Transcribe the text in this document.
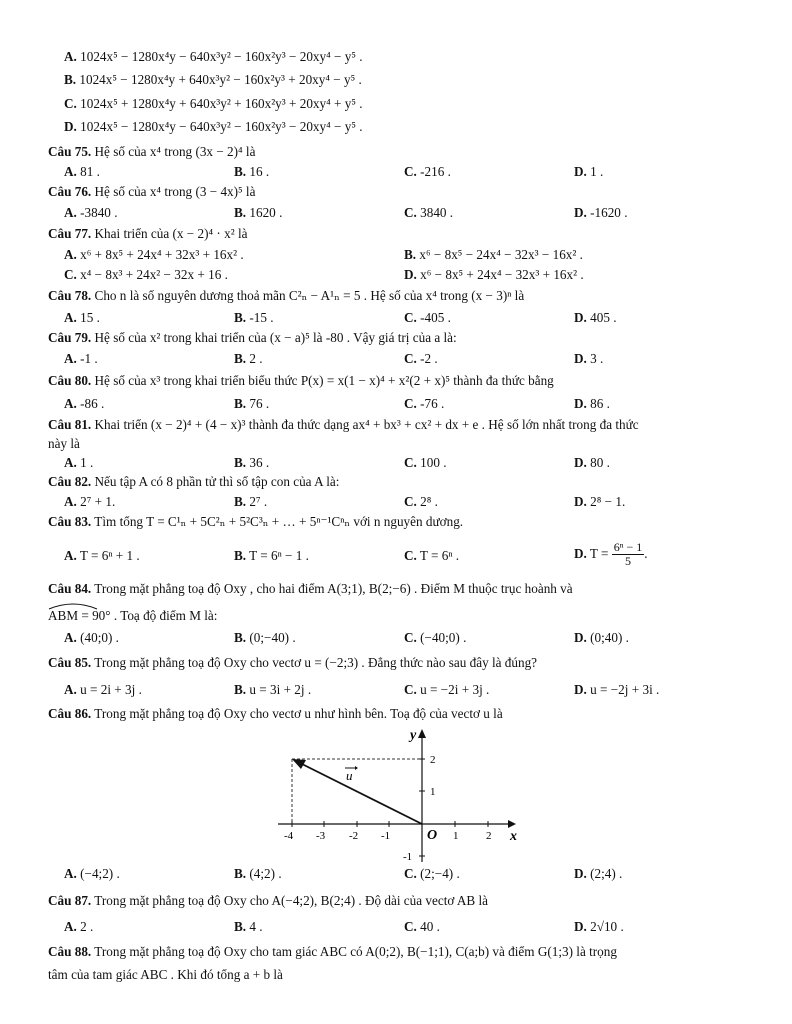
A. 1024x⁵ − 1280x⁴y − 640x³y² − 160x²y³ − 20xy⁴ − y⁵ .
B. 1024x⁵ − 1280x⁴y + 640x³y² − 160x²y³ + 20xy⁴ − y⁵ .
C. 1024x⁵ + 1280x⁴y + 640x³y² + 160x²y³ + 20xy⁴ + y⁵ .
D. 1024x⁵ − 1280x⁴y − 640x³y² − 160x²y³ − 20xy⁴ − y⁵ .
Câu 75. Hệ số của x⁴ trong (3x − 2)⁴ là
A. 81 .	B. 16 .	C. -216 .	D. 1 .
Câu 76. Hệ số của x⁴ trong (3 − 4x)⁵ là
A. -3840 .	B. 1620 .	C. 3840 .	D. -1620 .
Câu 77. Khai triển của (x − 2)⁴ · x² là
A. x⁶ + 8x⁵ + 24x⁴ + 32x³ + 16x² .	B. x⁶ − 8x⁵ − 24x⁴ − 32x³ − 16x² .
C. x⁴ − 8x³ + 24x² − 32x + 16 .	D. x⁶ − 8x⁵ + 24x⁴ − 32x³ + 16x² .
Câu 78. Cho n là số nguyên dương thoả mãn C²ₙ − A¹ₙ = 5 . Hệ số của x⁴ trong (x − 3)ⁿ là
A. 15 .	B. -15 .	C. -405 .	D. 405 .
Câu 79. Hệ số của x² trong khai triển của (x − a)⁵ là -80 . Vậy giá trị của a là:
A. -1 .	B. 2 .	C. -2 .	D. 3 .
Câu 80. Hệ số của x³ trong khai triển biểu thức P(x) = x(1 − x)⁴ + x²(2 + x)⁵ thành đa thức bằng
A. -86 .	B. 76 .	C. -76 .	D. 86 .
Câu 81. Khai triển (x − 2)⁴ + (4 − x)³ thành đa thức dạng ax⁴ + bx³ + cx² + dx + e . Hệ số lớn nhất trong đa thức
này là
A. 1 .	B. 36 .	C. 100 .	D. 80 .
Câu 82. Nếu tập A có 8 phần tử thì số tập con của A là:
A. 2⁷ + 1.	B. 2⁷ .	C. 2⁸ .	D. 2⁸ − 1.
Câu 83. Tìm tổng T = C¹ₙ + 5C²ₙ + 5²C³ₙ + … + 5ⁿ⁻¹Cⁿₙ với n nguyên dương.
A. T = 6ⁿ + 1 .	B. T = 6ⁿ − 1 .	C. T = 6ⁿ .	D. $T = \frac{\text{6ⁿ − 1}}{5}$ .
Câu 84. Trong mặt phẳng toạ độ Oxy , cho hai điểm A(3;1), B(2;−6) . Điểm M thuộc trục hoành và
ABM = 90° . Toạ độ điểm M là:
A. (40;0) .	B. (0;−40) .	C. (−40;0) .	D. (0;40) .
Câu 85. Trong mặt phẳng toạ độ Oxy cho vectơ u = (−2;3) . Đẳng thức nào sau đây là đúng?
A. u = 2i + 3j .	B. u = 3i + 2j .	C. u = −2i + 3j .	D. u = −2j + 3i .
Câu 86. Trong mặt phẳng toạ độ Oxy cho vectơ u như hình bên. Toạ độ của vectơ u là
u
y
x
O
-4 -3 -2 -1	1	2
2
1
-1
A. (−4;2) .	B. (4;2) .	C. (2;−4) .	D. (2;4) .
Câu 87. Trong mặt phẳng toạ độ Oxy cho A(−4;2), B(2;4) . Độ dài của vectơ AB là
A. 2 .	B. 4 .	C. 40 .	D. 2√10 .
Câu 88. Trong mặt phẳng toạ độ Oxy cho tam giác ABC có A(0;2), B(−1;1), C(a;b) và điểm G(1;3) là trọng
tâm của tam giác ABC . Khi đó tổng a + b là
